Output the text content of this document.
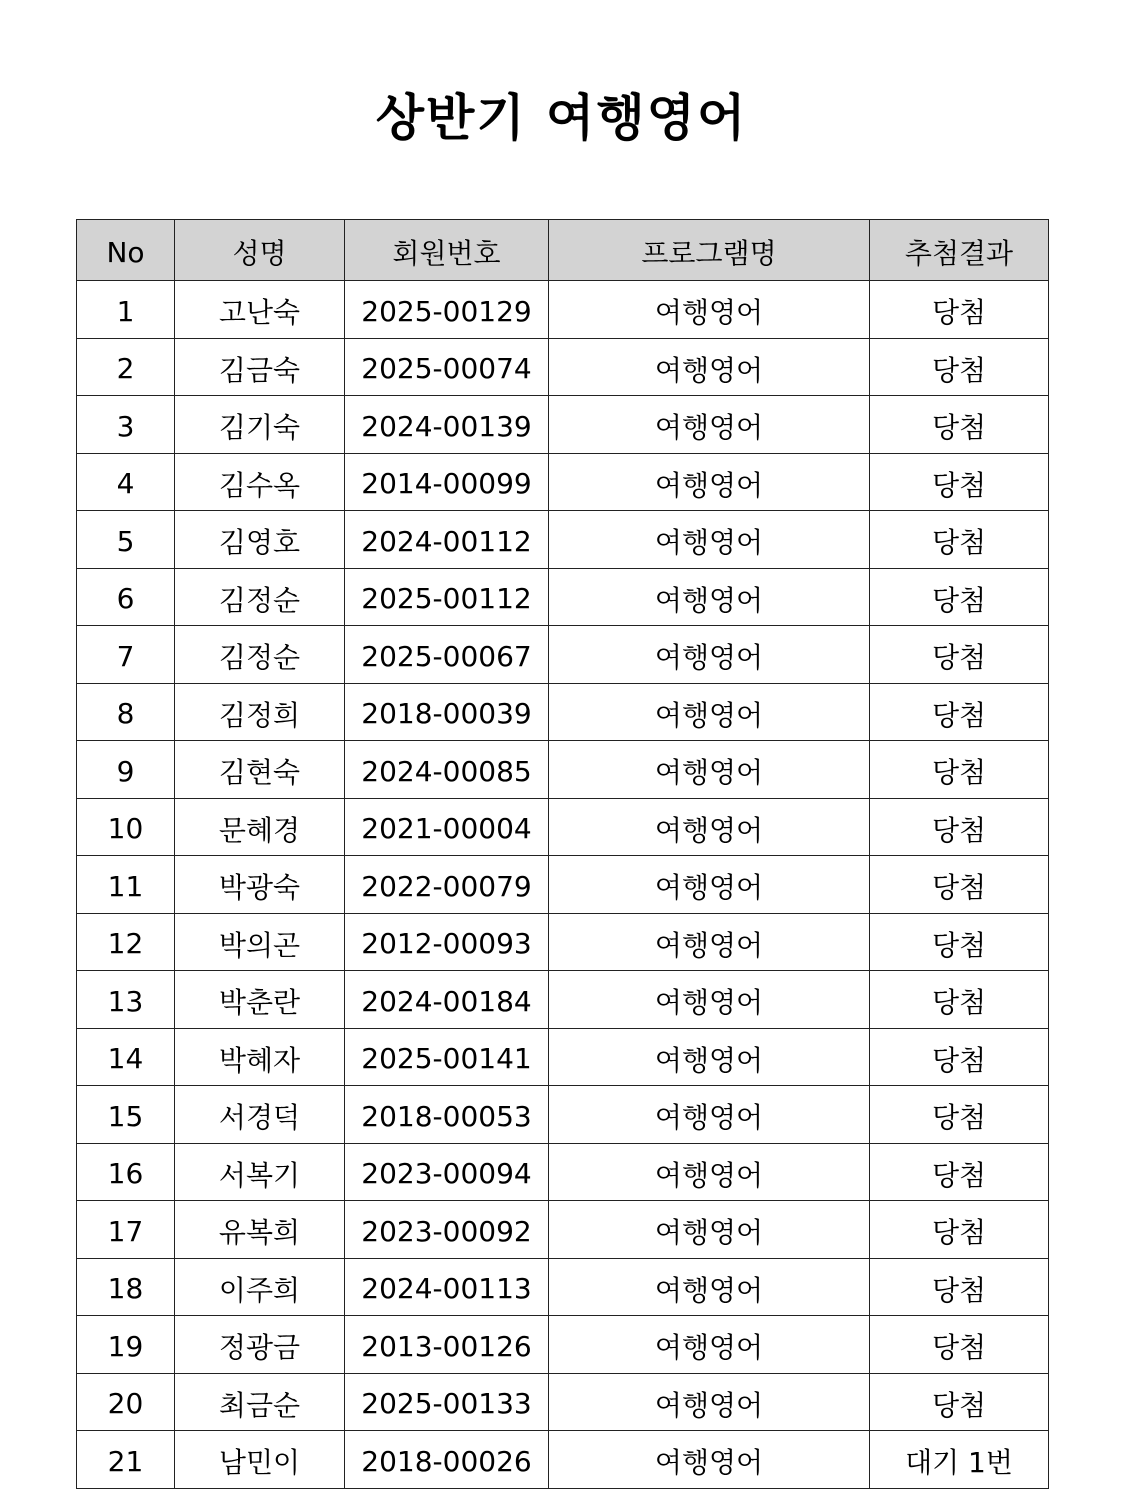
상반기 여행영어
No	성명	회원번호	프로그램명	추첨결과
1	고난숙	2025-00129	여행영어	당첨
2	김금숙	2025-00074	여행영어	당첨
3	김기숙	2024-00139	여행영어	당첨
4	김수옥	2014-00099	여행영어	당첨
5	김영호	2024-00112	여행영어	당첨
6	김정순	2025-00112	여행영어	당첨
7	김정순	2025-00067	여행영어	당첨
8	김정희	2018-00039	여행영어	당첨
9	김현숙	2024-00085	여행영어	당첨
10	문혜경	2021-00004	여행영어	당첨
11	박광숙	2022-00079	여행영어	당첨
12	박의곤	2012-00093	여행영어	당첨
13	박춘란	2024-00184	여행영어	당첨
14	박혜자	2025-00141	여행영어	당첨
15	서경덕	2018-00053	여행영어	당첨
16	서복기	2023-00094	여행영어	당첨
17	유복희	2023-00092	여행영어	당첨
18	이주희	2024-00113	여행영어	당첨
19	정광금	2013-00126	여행영어	당첨
20	최금순	2025-00133	여행영어	당첨
21	남민이	2018-00026	여행영어	대기 1번
